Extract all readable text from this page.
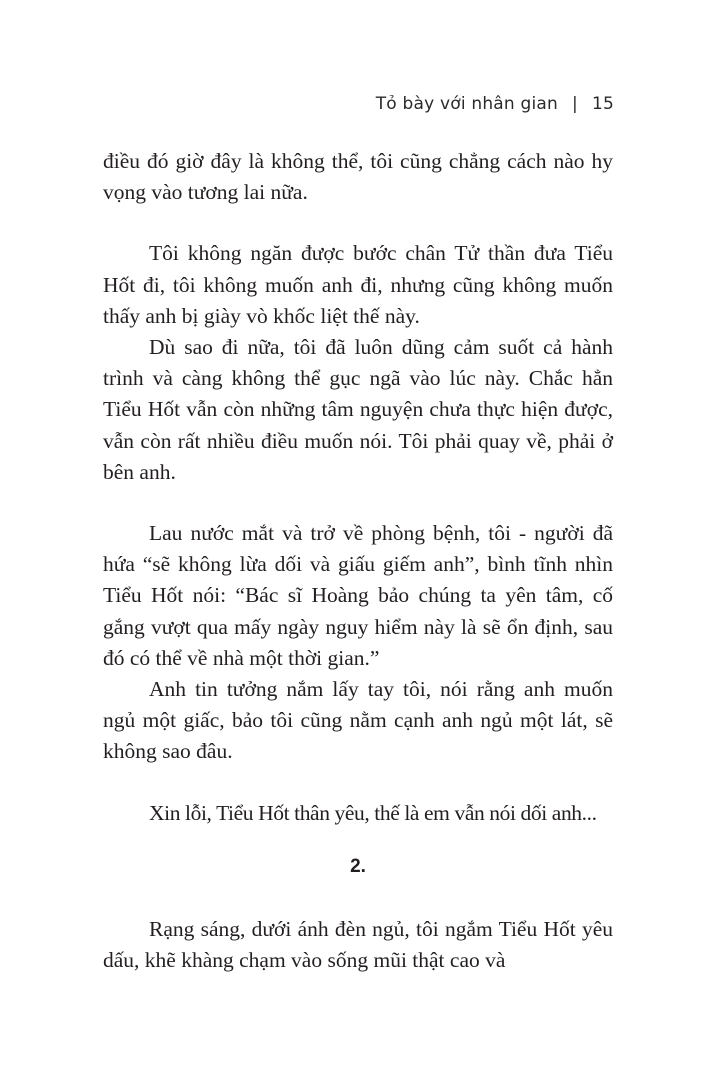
Tỏ bày với nhân gian | 15

điều đó giờ đây là không thể, tôi cũng chẳng cách nào hy vọng vào tương lai nữa.

Tôi không ngăn được bước chân Tử thần đưa Tiểu Hốt đi, tôi không muốn anh đi, nhưng cũng không muốn thấy anh bị giày vò khốc liệt thế này.

Dù sao đi nữa, tôi đã luôn dũng cảm suốt cả hành trình và càng không thể gục ngã vào lúc này. Chắc hẳn Tiểu Hốt vẫn còn những tâm nguyện chưa thực hiện được, vẫn còn rất nhiều điều muốn nói. Tôi phải quay về, phải ở bên anh.

Lau nước mắt và trở về phòng bệnh, tôi - người đã hứa “sẽ không lừa dối và giấu giếm anh”, bình tĩnh nhìn Tiểu Hốt nói: “Bác sĩ Hoàng bảo chúng ta yên tâm, cố gắng vượt qua mấy ngày nguy hiểm này là sẽ ổn định, sau đó có thể về nhà một thời gian.”

Anh tin tưởng nắm lấy tay tôi, nói rằng anh muốn ngủ một giấc, bảo tôi cũng nằm cạnh anh ngủ một lát, sẽ không sao đâu.

Xin lỗi, Tiểu Hốt thân yêu, thế là em vẫn nói dối anh...

2.

Rạng sáng, dưới ánh đèn ngủ, tôi ngắm Tiểu Hốt yêu dấu, khẽ khàng chạm vào sống mũi thật cao và
